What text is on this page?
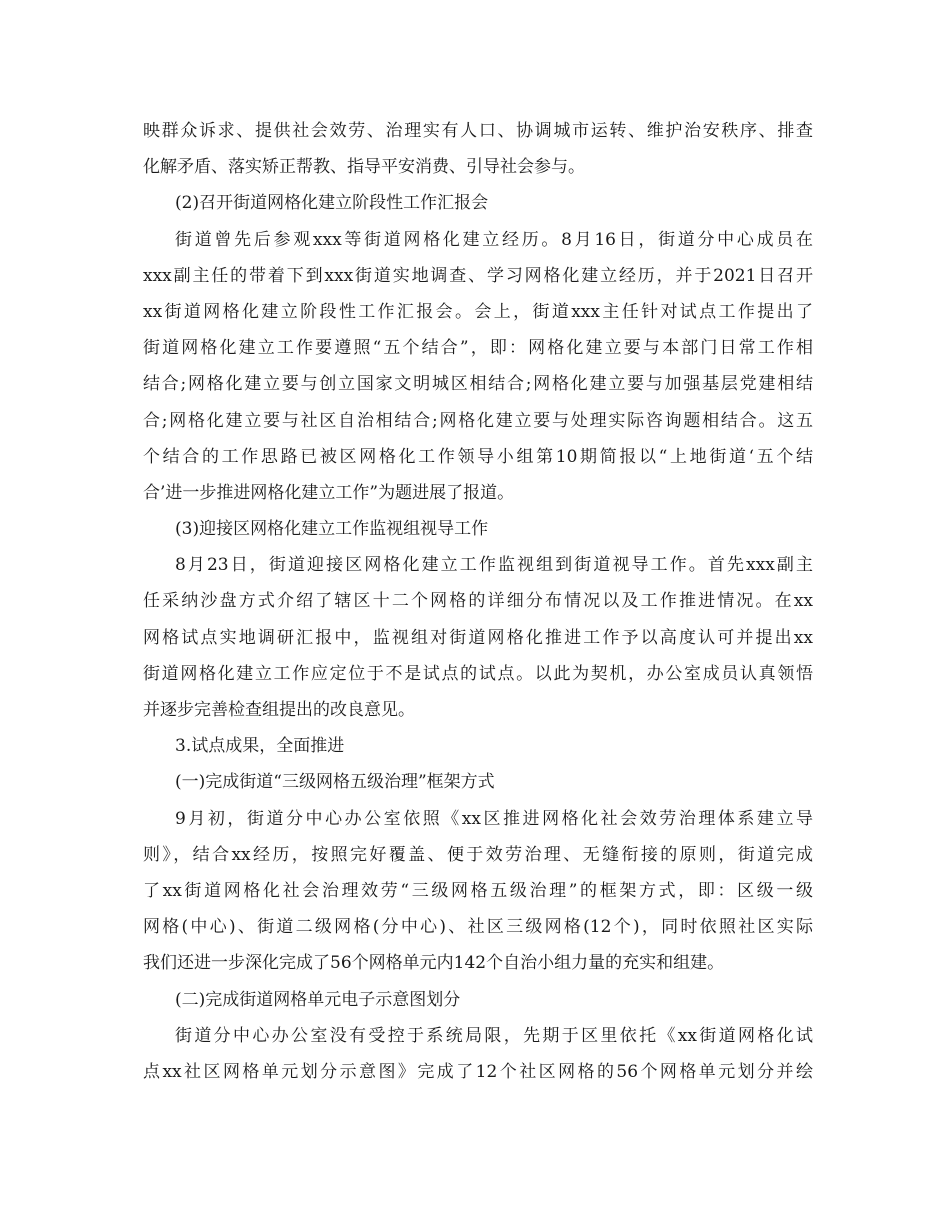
映群众诉求、提供社会效劳、治理实有人口、协调城市运转、维护治安秩序、排查
化解矛盾、落实矫正帮教、指导平安消费、引导社会参与。
(2)召开街道网格化建立阶段性工作汇报会
街道曾先后参观xxx等街道网格化建立经历。8月16日，街道分中心成员在
xxx副主任的带着下到xxx街道实地调查、学习网格化建立经历，并于2021日召开
xx街道网格化建立阶段性工作汇报会。会上，街道xxx主任针对试点工作提出了
街道网格化建立工作要遵照“五个结合”，即：网格化建立要与本部门日常工作相
结合;网格化建立要与创立国家文明城区相结合;网格化建立要与加强基层党建相结
合;网格化建立要与社区自治相结合;网格化建立要与处理实际咨询题相结合。这五
个结合的工作思路已被区网格化工作领导小组第10期简报以“上地街道‘五个结
合’进一步推进网格化建立工作”为题进展了报道。
(3)迎接区网格化建立工作监视组视导工作
8月23日，街道迎接区网格化建立工作监视组到街道视导工作。首先xxx副主
任采纳沙盘方式介绍了辖区十二个网格的详细分布情况以及工作推进情况。在xx
网格试点实地调研汇报中，监视组对街道网格化推进工作予以高度认可并提出xx
街道网格化建立工作应定位于不是试点的试点。以此为契机，办公室成员认真领悟
并逐步完善检查组提出的改良意见。
3.试点成果，全面推进
(一)完成街道“三级网格五级治理”框架方式
9月初，街道分中心办公室依照《xx区推进网格化社会效劳治理体系建立导
则》，结合xx经历，按照完好覆盖、便于效劳治理、无缝衔接的原则，街道完成
了xx街道网格化社会治理效劳“三级网格五级治理”的框架方式，即：区级一级
网格(中心)、街道二级网格(分中心)、社区三级网格(12个)，同时依照社区实际
我们还进一步深化完成了56个网格单元内142个自治小组力量的充实和组建。
(二)完成街道网格单元电子示意图划分
街道分中心办公室没有受控于系统局限，先期于区里依托《xx街道网格化试
点xx社区网格单元划分示意图》完成了12个社区网格的56个网格单元划分并绘
